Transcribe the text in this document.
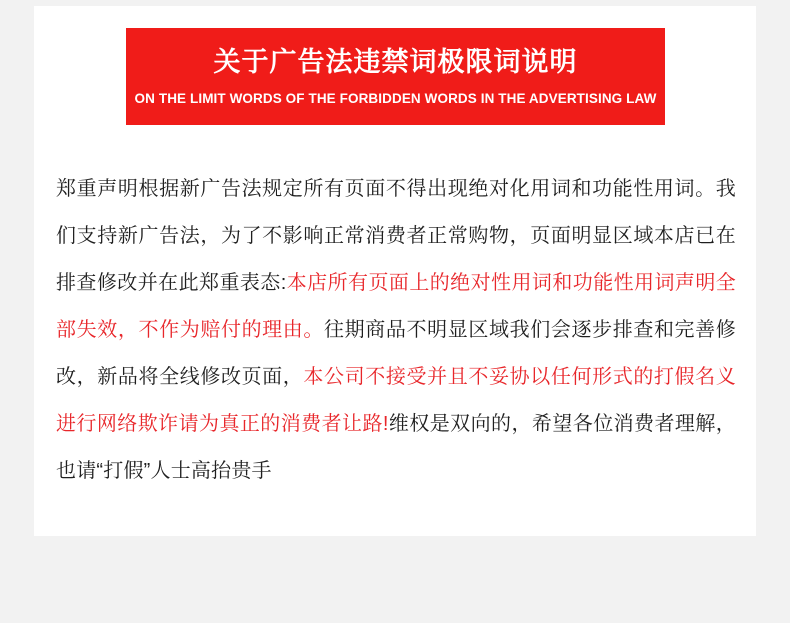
关于广告法违禁词极限词说明
ON THE LIMIT WORDS OF THE FORBIDDEN WORDS IN THE ADVERTISING LAW
郑重声明根据新广告法规定所有页面不得出现绝对化用词和功能性用词。我们支持新广告法，为了不影响正常消费者正常购物，页面明显区域本店已在排查修改并在此郑重表态:本店所有页面上的绝对性用词和功能性用词声明全部失效，不作为赔付的理由。往期商品不明显区域我们会逐步排查和完善修改，新品将全线修改页面，本公司不接受并且不妥协以任何形式的打假名义进行网络欺诈请为真正的消费者让路!维权是双向的，希望各位消费者理解，也请“打假”人士高抬贵手
